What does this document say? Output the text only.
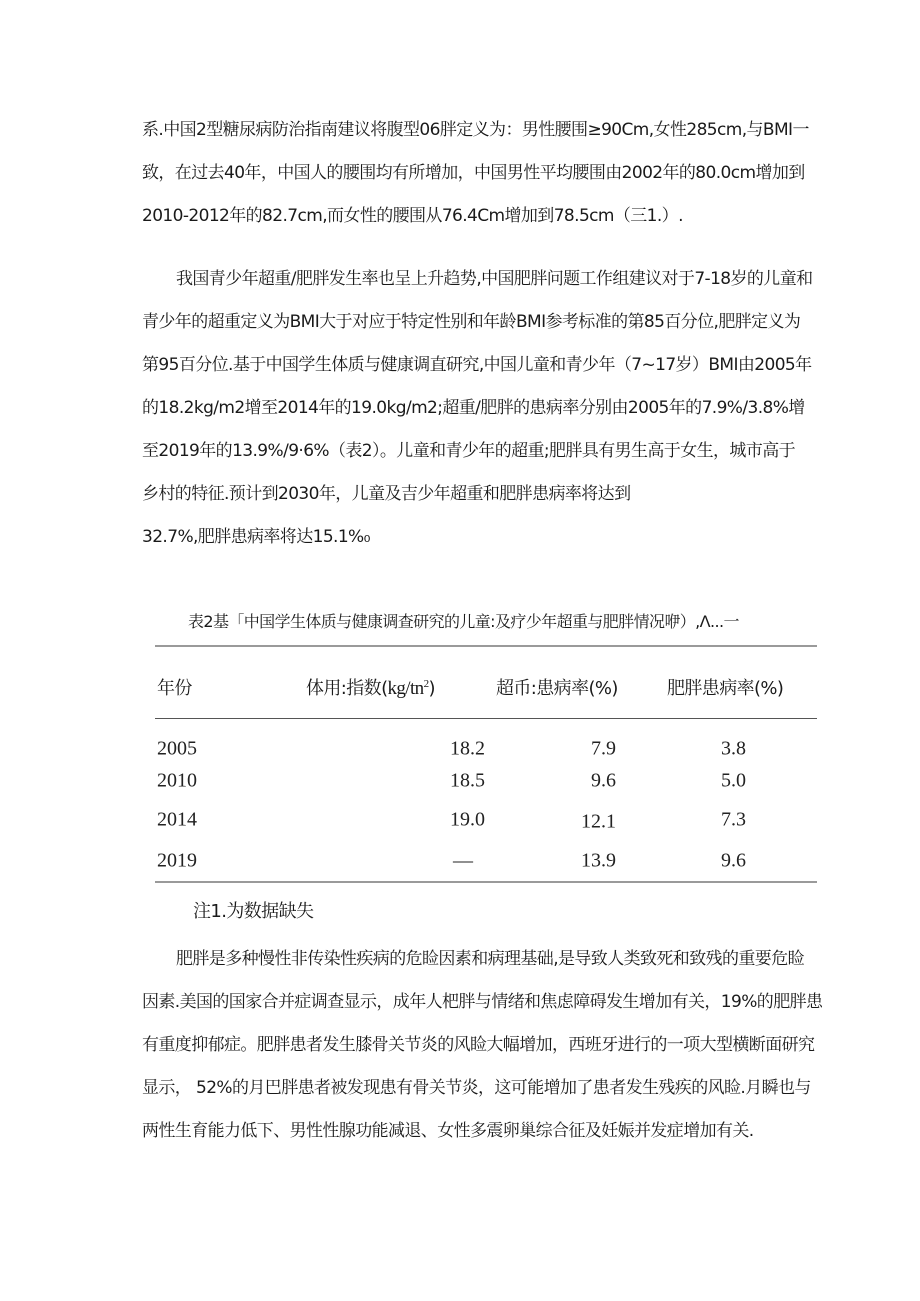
系.中国2型糖尿病防治指南建议将腹型06胖定义为：男性腰围≥90Cm,女性285cm,与BMI一
致，在过去40年，中国人的腰围均有所增加，中国男性平均腰围由2002年的80.0cm增加到
2010-2012年的82.7cm,而女性的腰围从76.4Cm增加到78.5cm（三1.）.
我国青少年超重/肥胖发生率也呈上升趋势,中国肥胖问题工作组建议对于7-18岁的儿童和
青少年的超重定义为BMI大于对应于特定性别和年龄BMI参考标准的第85百分位,肥胖定义为
第95百分位.基于中国学生体质与健康调直研究,中国儿童和青少年（7~17岁）BMI由2005年
的18.2kg/m2增至2014年的19.0kg/m2;超重/肥胖的患病率分别由2005年的7.9%/3.8%增
至2019年的13.9%/9·6%（表2）。儿童和青少年的超重;肥胖具有男生高于女生，城市高于
乡村的特征.预计到2030年，儿童及吉少年超重和肥胖患病率将达到
32.7%,肥胖患病率将达15.1%₀
表2基「中国学生体质与健康调查研究的儿童:及疗少年超重与肥胖情况咿）,Λ...一
年份	体用:指数$(kg/tn^2)$	超币:患病率(%)	肥胖患病率(%)
2005	18.2	7.9	3.8
2010	18.5	9.6	5.0
2014	19.0	12.1	7.3
2019	—	13.9	9.6
注1.为数据缺失
肥胖是多种慢性非传染性疾病的危睑因素和病理基础,是导致人类致死和致残的重要危睑
因素.美国的国家合并症调查显示，成年人杷胖与情绪和焦虑障碍发生增加有关，19%的肥胖患
有重度抑郁症。肥胖患者发生膝骨关节炎的风睑大幅增加，西班牙进行的一项大型横断面研究
显示， 52%的月巴胖患者被发现患有骨关节炎，这可能增加了患者发生残疾的风睑.月瞬也与
两性生育能力低下、男性性腺功能减退、女性多震卵巢综合征及妊娠并发症增加有关.
